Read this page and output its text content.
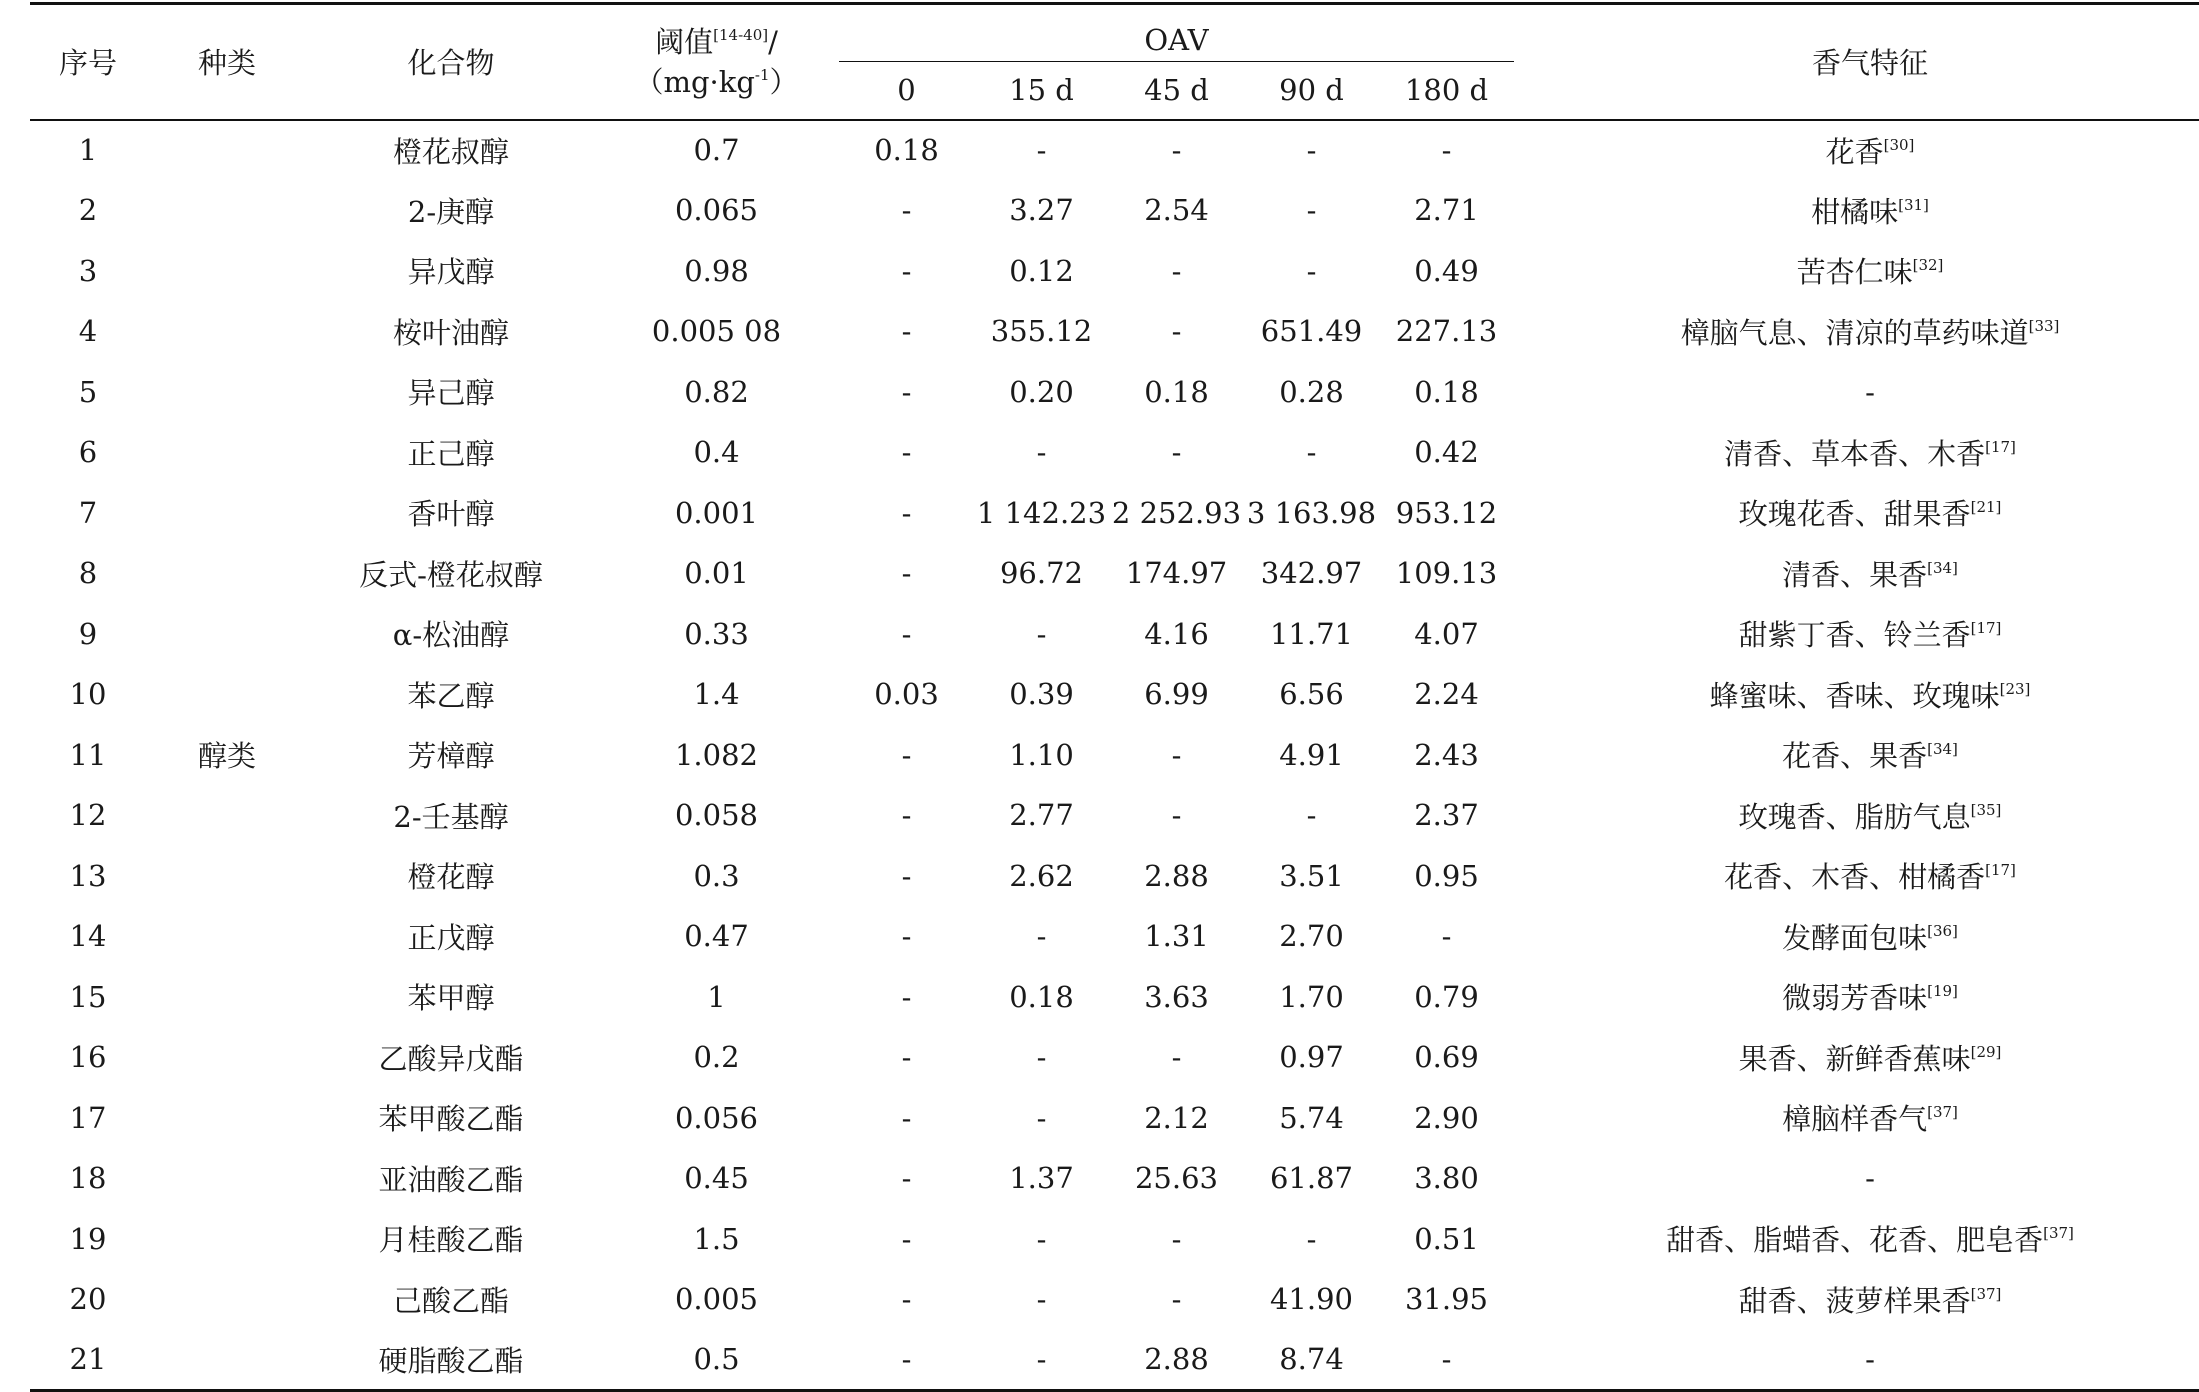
序号	种类	化合物	阈值[14-40]/
$(mg\cdot kg^{-1})$	OAV					香气特征
				0	15 d	45 d	90 d	180 d	
1		橙花叔醇	0.7	0.18	-	-	-	-	花香[30]
2		2-庚醇	0.065	-	3.27	2.54	-	2.71	柑橘味[31]
3		异戊醇	0.98	-	0.12	-	-	0.49	苦杏仁味[32]
4		桉叶油醇	0.005 08	-	355.12	-	651.49	227.13	樟脑气息、清凉的草药味道[33]
5		异己醇	0.82	-	0.20	0.18	0.28	0.18	-
6		正己醇	0.4	-	-	-	-	0.42	清香、草本香、木香[17]
7		香叶醇	0.001	-	1 142.23	2 252.93	3 163.98	953.12	玫瑰花香、甜果香[21]
8		反式-橙花叔醇	0.01	-	96.72	174.97	342.97	109.13	清香、果香[34]
9		α-松油醇	0.33	-	-	4.16	11.71	4.07	甜紫丁香、铃兰香[17]
10		苯乙醇	1.4	0.03	0.39	6.99	6.56	2.24	蜂蜜味、香味、玫瑰味[23]
11	醇类	芳樟醇	1.082	-	1.10	-	4.91	2.43	花香、果香[34]
12		2-壬基醇	0.058	-	2.77	-	-	2.37	玫瑰香、脂肪气息[35]
13		橙花醇	0.3	-	2.62	2.88	3.51	0.95	花香、木香、柑橘香[17]
14		正戊醇	0.47	-	-	1.31	2.70	-	发酵面包味[36]
15		苯甲醇	1	-	0.18	3.63	1.70	0.79	微弱芳香味[19]
16		乙酸异戊酯	0.2	-	-	-	0.97	0.69	果香、新鲜香蕉味[29]
17		苯甲酸乙酯	0.056	-	-	2.12	5.74	2.90	樟脑样香气[37]
18		亚油酸乙酯	0.45	-	1.37	25.63	61.87	3.80	-
19		月桂酸乙酯	1.5	-	-	-	-	0.51	甜香、脂蜡香、花香、肥皂香[37]
20		己酸乙酯	0.005	-	-	-	41.90	31.95	甜香、菠萝样果香[37]
21		硬脂酸乙酯	0.5	-	-	2.88	8.74	-	-
